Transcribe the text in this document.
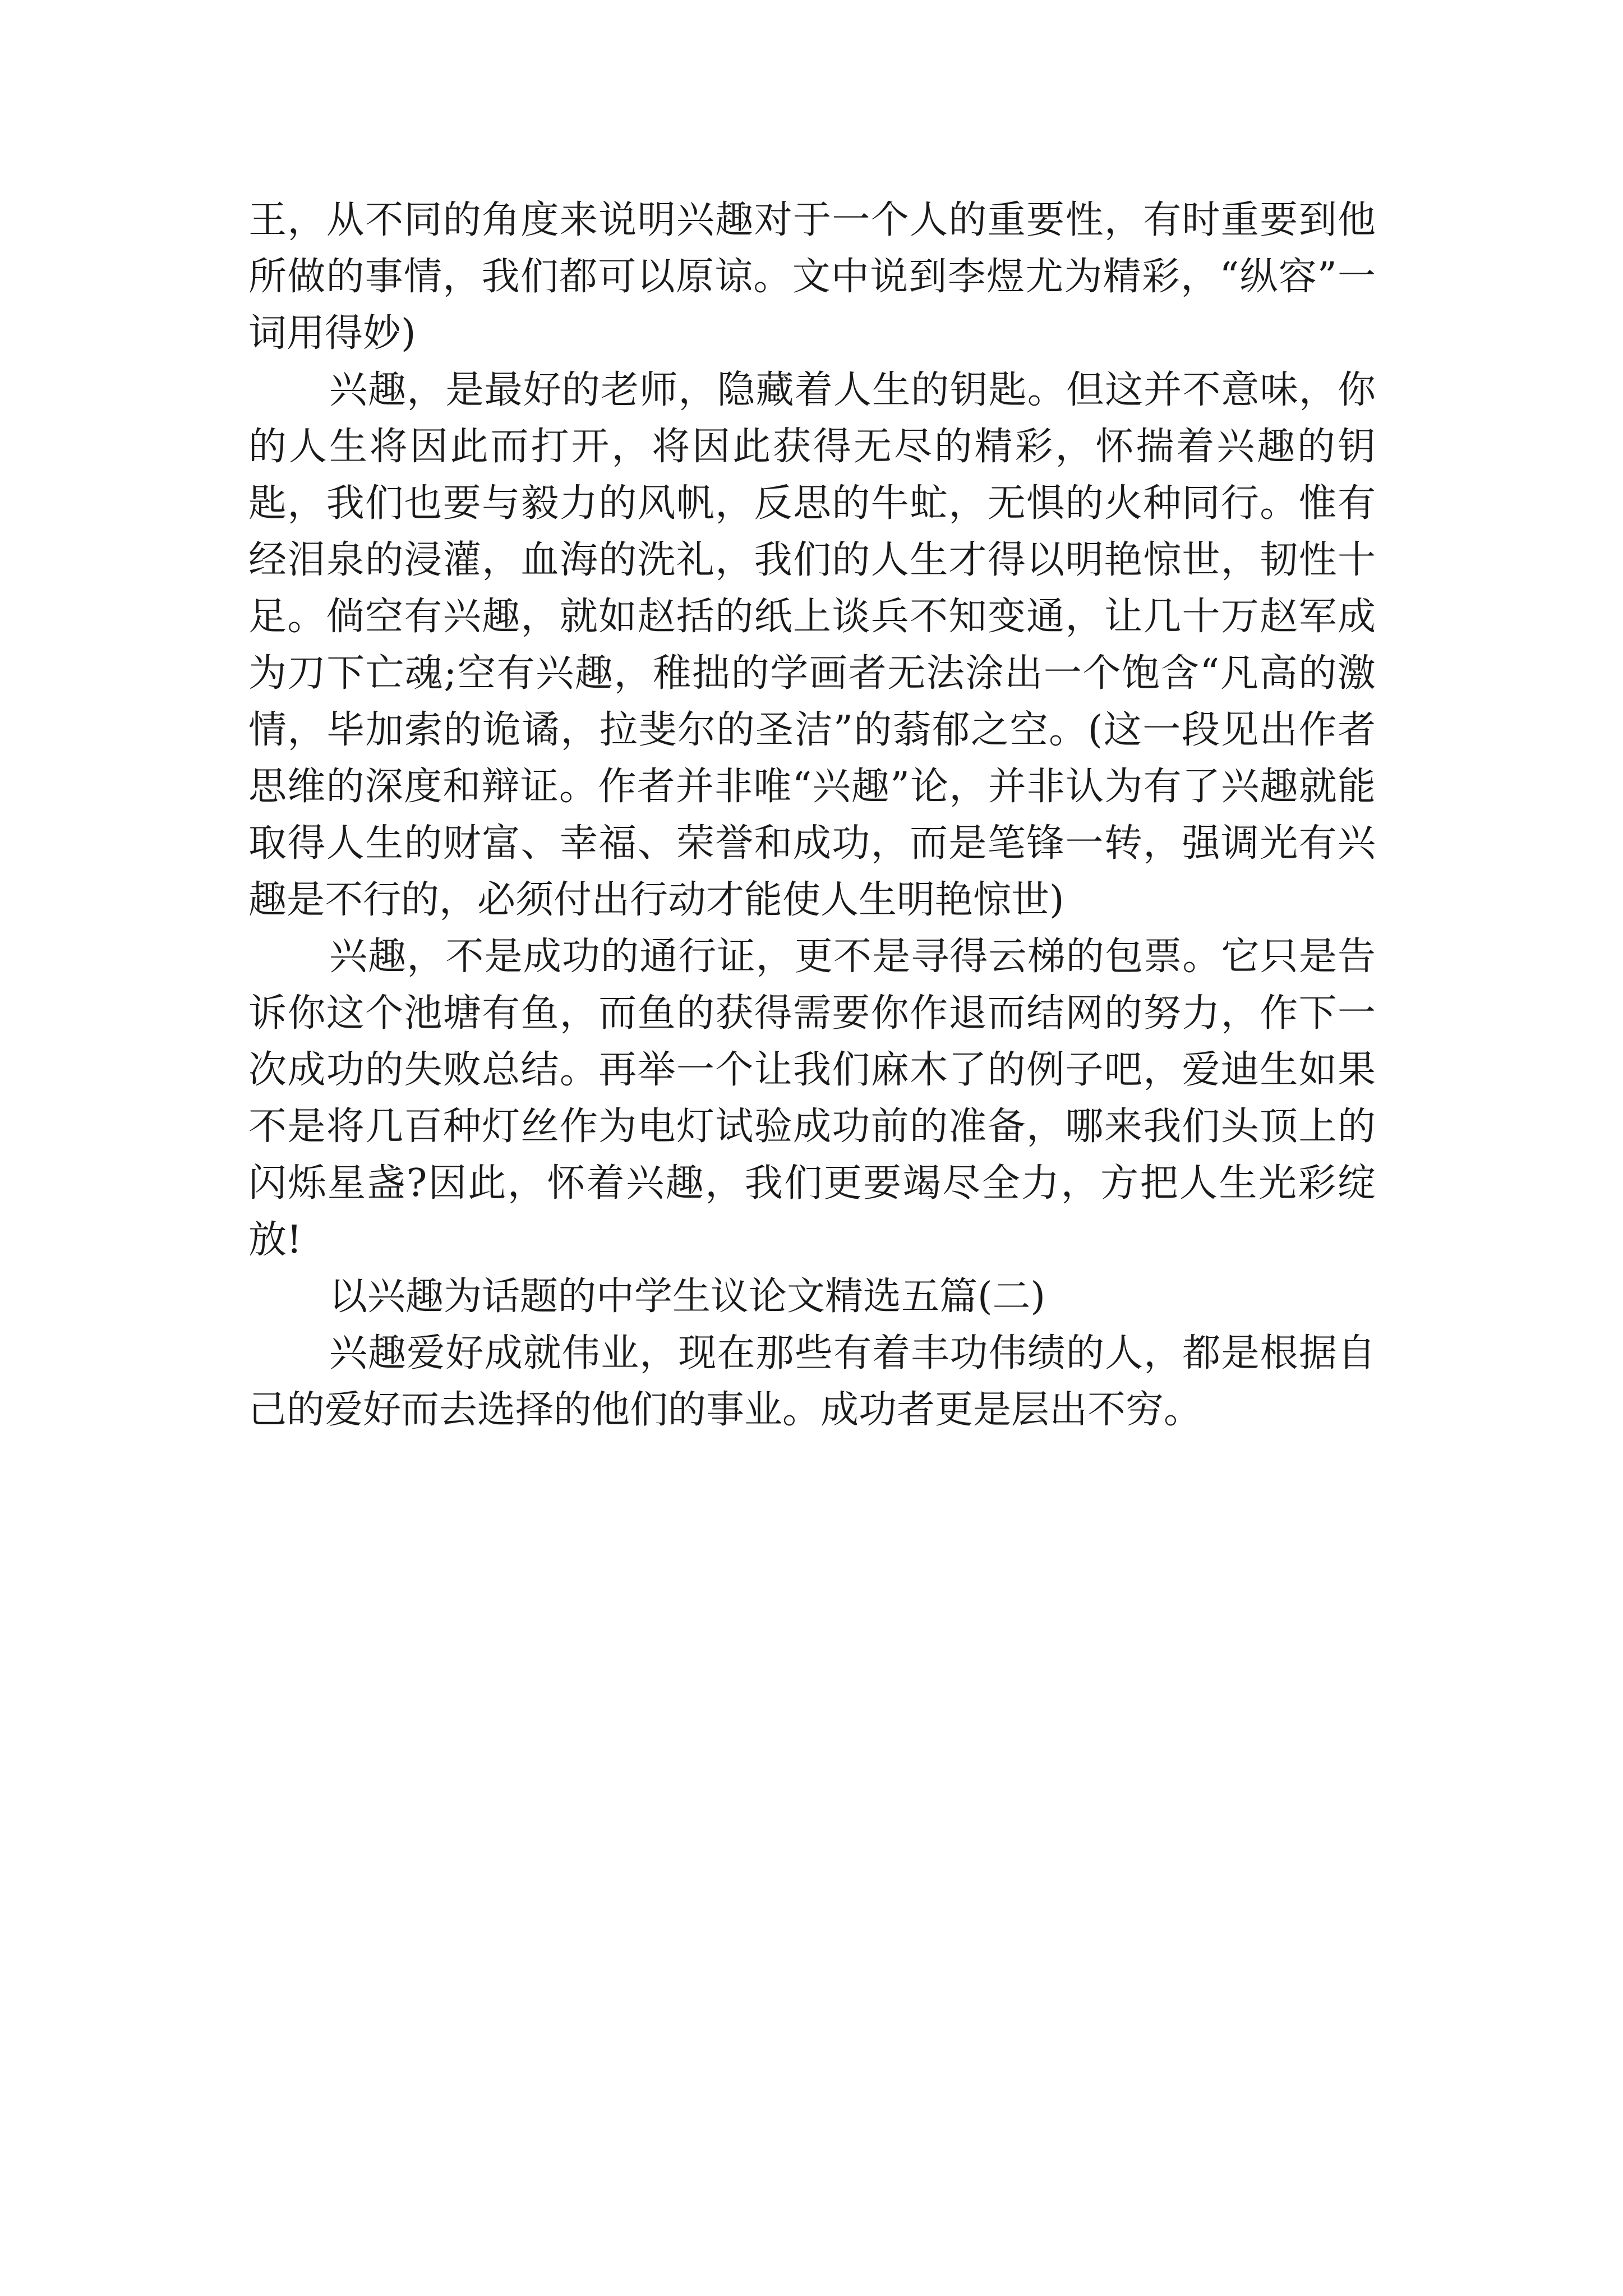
王，从不同的角度来说明兴趣对于一个人的重要性，有时重要到他所做的事情，我们都可以原谅。文中说到李煜尤为精彩，“纵容”一词用得妙)

兴趣，是最好的老师，隐藏着人生的钥匙。但这并不意味，你的人生将因此而打开，将因此获得无尽的精彩，怀揣着兴趣的钥匙，我们也要与毅力的风帆，反思的牛虻，无惧的火种同行。惟有经泪泉的浸灌，血海的洗礼，我们的人生才得以明艳惊世，韧性十足。倘空有兴趣，就如赵括的纸上谈兵不知变通，让几十万赵军成为刀下亡魂;空有兴趣，稚拙的学画者无法涂出一个饱含“凡高的激情，毕加索的诡谲，拉斐尔的圣洁”的蓊郁之空。(这一段见出作者思维的深度和辩证。作者并非唯“兴趣”论，并非认为有了兴趣就能取得人生的财富、幸福、荣誉和成功，而是笔锋一转，强调光有兴趣是不行的，必须付出行动才能使人生明艳惊世)

兴趣，不是成功的通行证，更不是寻得云梯的包票。它只是告诉你这个池塘有鱼，而鱼的获得需要你作退而结网的努力，作下一次成功的失败总结。再举一个让我们麻木了的例子吧，爱迪生如果不是将几百种灯丝作为电灯试验成功前的准备，哪来我们头顶上的闪烁星盏?因此，怀着兴趣，我们更要竭尽全力，方把人生光彩绽放!

以兴趣为话题的中学生议论文精选五篇(二)

兴趣爱好成就伟业，现在那些有着丰功伟绩的人，都是根据自己的爱好而去选择的他们的事业。成功者更是层出不穷。
